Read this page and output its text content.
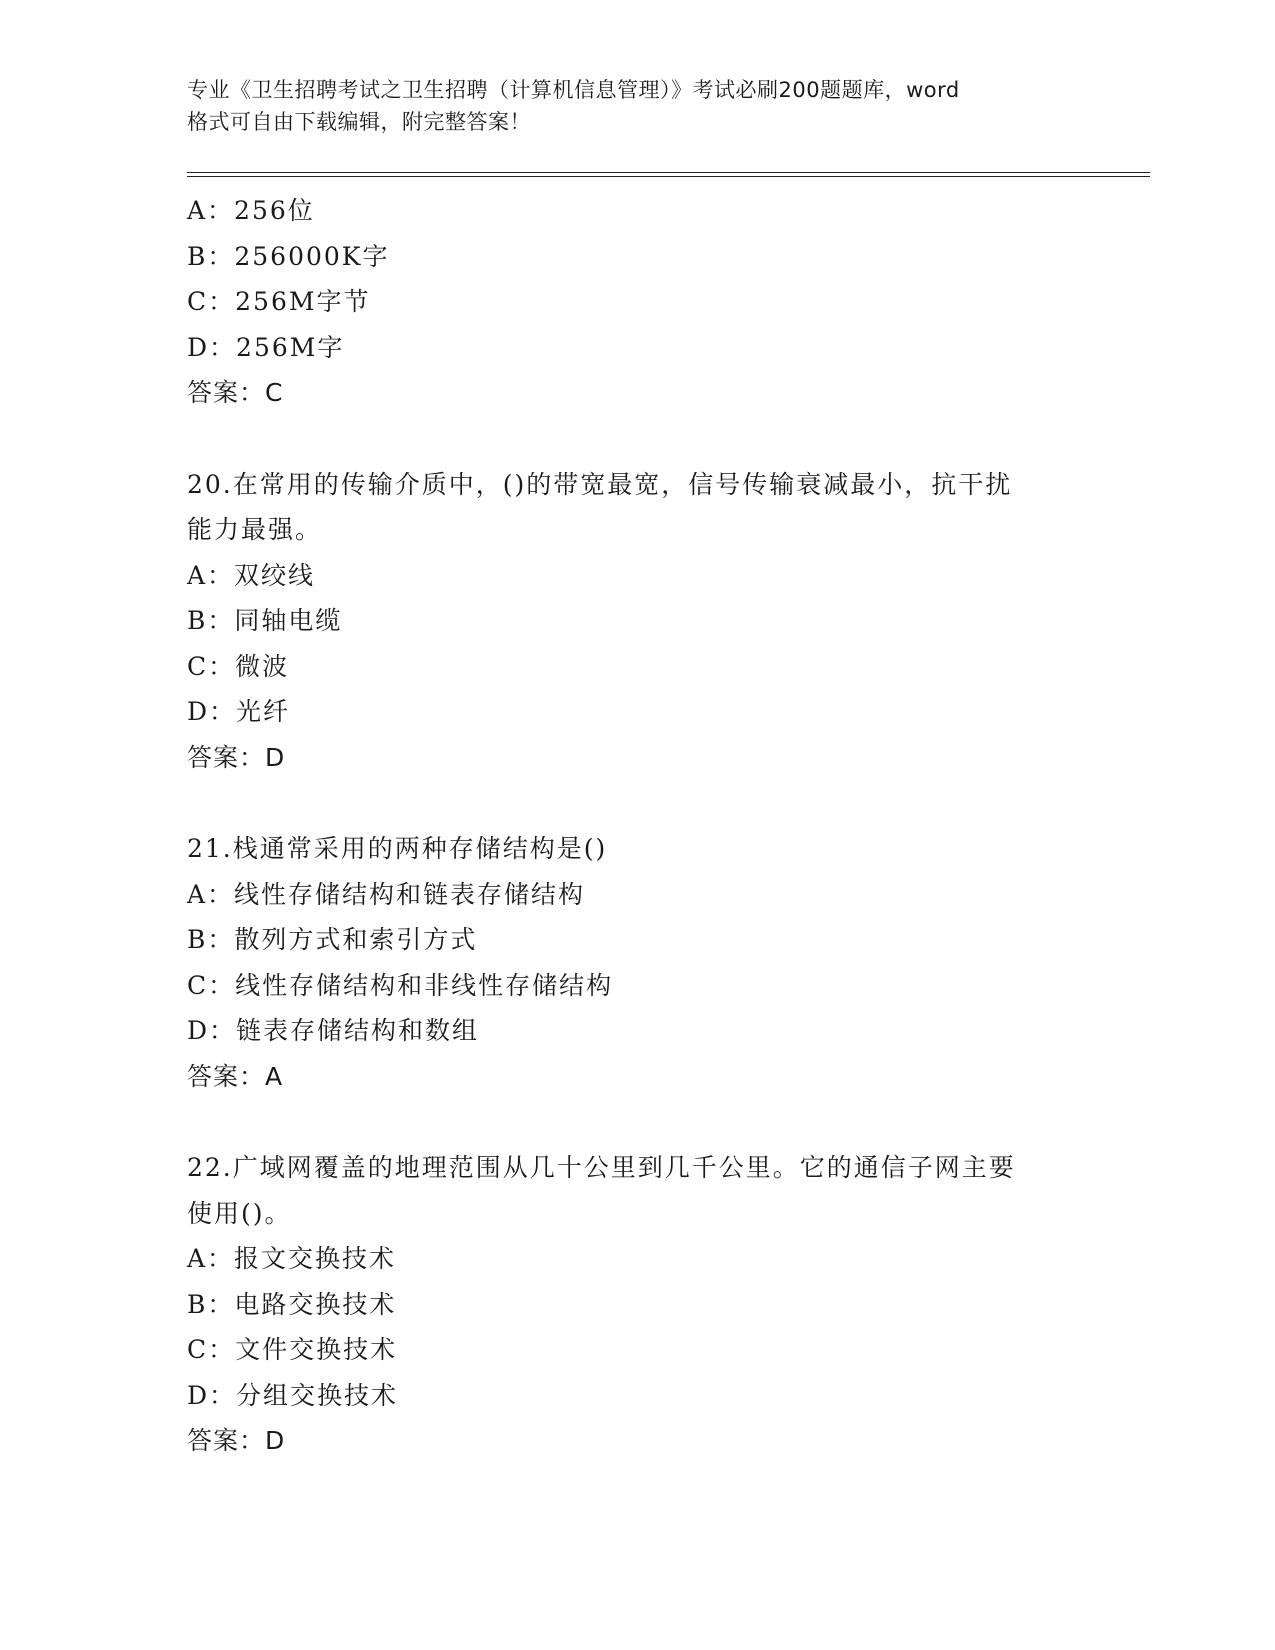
专业《卫生招聘考试之卫生招聘（计算机信息管理）》考试必刷200题题库，word
格式可自由下载编辑，附完整答案！
A：256位
B：256000K字
C：256M字节
D：256M字
答案：C
20.在常用的传输介质中，()的带宽最宽，信号传输衰减最小，抗干扰
能力最强。
A：双绞线
B：同轴电缆
C：微波
D：光纤
答案：D
21.栈通常采用的两种存储结构是()
A：线性存储结构和链表存储结构
B：散列方式和索引方式
C：线性存储结构和非线性存储结构
D：链表存储结构和数组
答案：A
22.广域网覆盖的地理范围从几十公里到几千公里。它的通信子网主要
使用()。
A：报文交换技术
B：电路交换技术
C：文件交换技术
D：分组交换技术
答案：D
